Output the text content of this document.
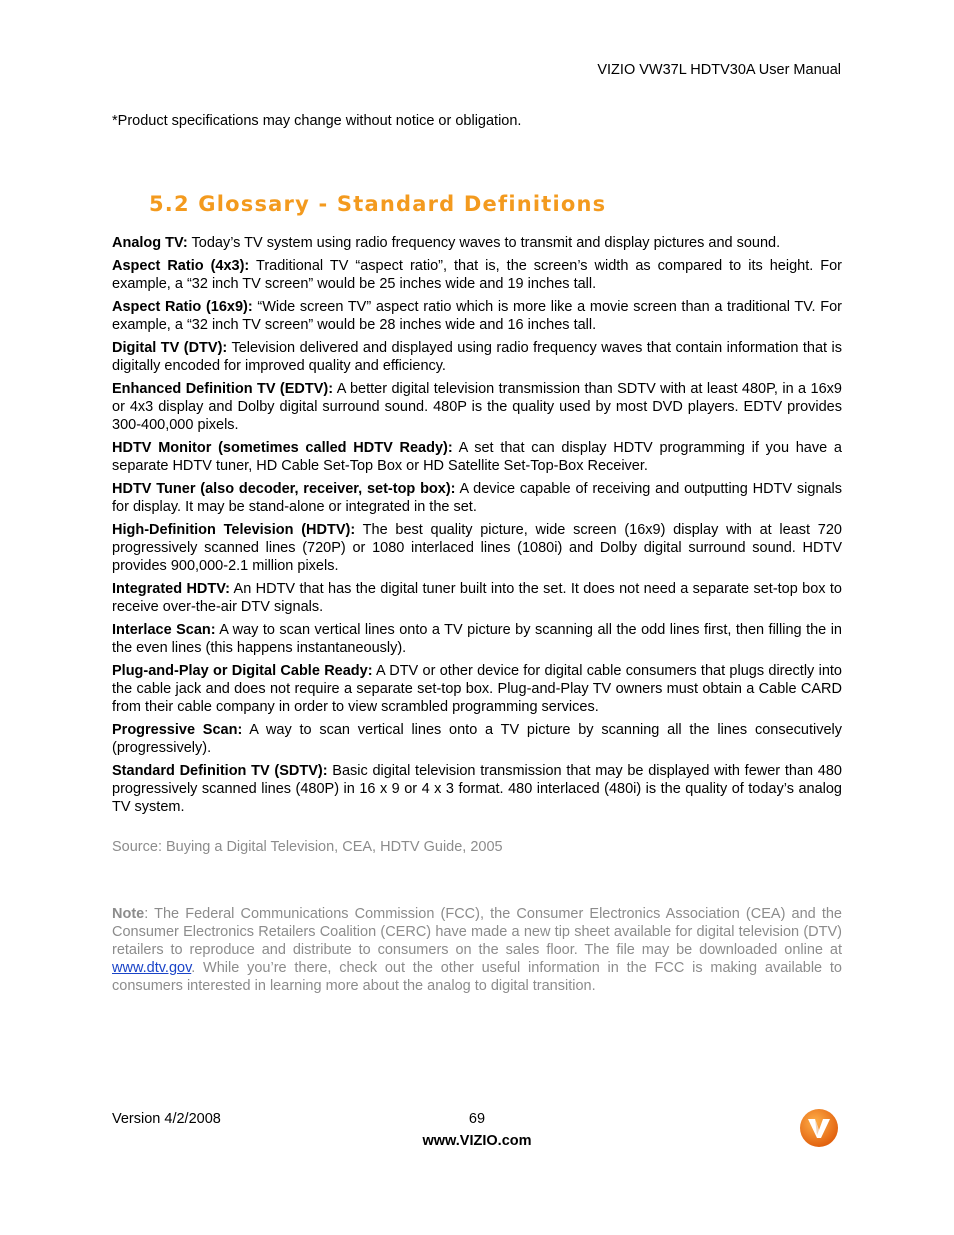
VIZIO VW37L HDTV30A User Manual
*Product specifications may change without notice or obligation.
5.2 Glossary - Standard Definitions

Analog TV: Today’s TV system using radio frequency waves to transmit and display pictures and sound.

Aspect Ratio (4x3): Traditional TV “aspect ratio”, that is, the screen’s width as compared to its height. For example, a “32 inch TV screen” would be 25 inches wide and 19 inches tall.

Aspect Ratio (16x9): “Wide screen TV” aspect ratio which is more like a movie screen than a traditional TV. For example, a “32 inch TV screen” would be 28 inches wide and 16 inches tall.

Digital TV (DTV): Television delivered and displayed using radio frequency waves that contain information that is digitally encoded for improved quality and efficiency.

Enhanced Definition TV (EDTV): A better digital television transmission than SDTV with at least 480P, in a 16x9 or 4x3 display and Dolby digital surround sound. 480P is the quality used by most DVD players. EDTV provides 300-400,000 pixels.

HDTV Monitor (sometimes called HDTV Ready): A set that can display HDTV programming if you have a separate HDTV tuner, HD Cable Set-Top Box or HD Satellite Set-Top-Box Receiver.

HDTV Tuner (also decoder, receiver, set-top box): A device capable of receiving and outputting HDTV signals for display. It may be stand-alone or integrated in the set.

High-Definition Television (HDTV): The best quality picture, wide screen (16x9) display with at least 720 progressively scanned lines (720P) or 1080 interlaced lines (1080i) and Dolby digital surround sound. HDTV provides 900,000-2.1 million pixels.

Integrated HDTV: An HDTV that has the digital tuner built into the set. It does not need a separate set-top box to receive over-the-air DTV signals.

Interlace Scan: A way to scan vertical lines onto a TV picture by scanning all the odd lines first, then filling the in the even lines (this happens instantaneously).

Plug-and-Play or Digital Cable Ready: A DTV or other device for digital cable consumers that plugs directly into the cable jack and does not require a separate set-top box. Plug-and-Play TV owners must obtain a Cable CARD from their cable company in order to view scrambled programming services.

Progressive Scan: A way to scan vertical lines onto a TV picture by scanning all the lines consecutively (progressively).

Standard Definition TV (SDTV): Basic digital television transmission that may be displayed with fewer than 480 progressively scanned lines (480P) in 16 x 9 or 4 x 3 format. 480 interlaced (480i) is the quality of today’s analog TV system.

Source: Buying a Digital Television, CEA, HDTV Guide, 2005

Note: The Federal Communications Commission (FCC), the Consumer Electronics Association (CEA) and the Consumer Electronics Retailers Coalition (CERC) have made a new tip sheet available for digital television (DTV) retailers to reproduce and distribute to consumers on the sales floor. The file may be downloaded online at www.dtv.gov. While you’re there, check out the other useful information in the FCC is making available to consumers interested in learning more about the analog to digital transition.

Version 4/2/2008	69
www.VIZIO.com
